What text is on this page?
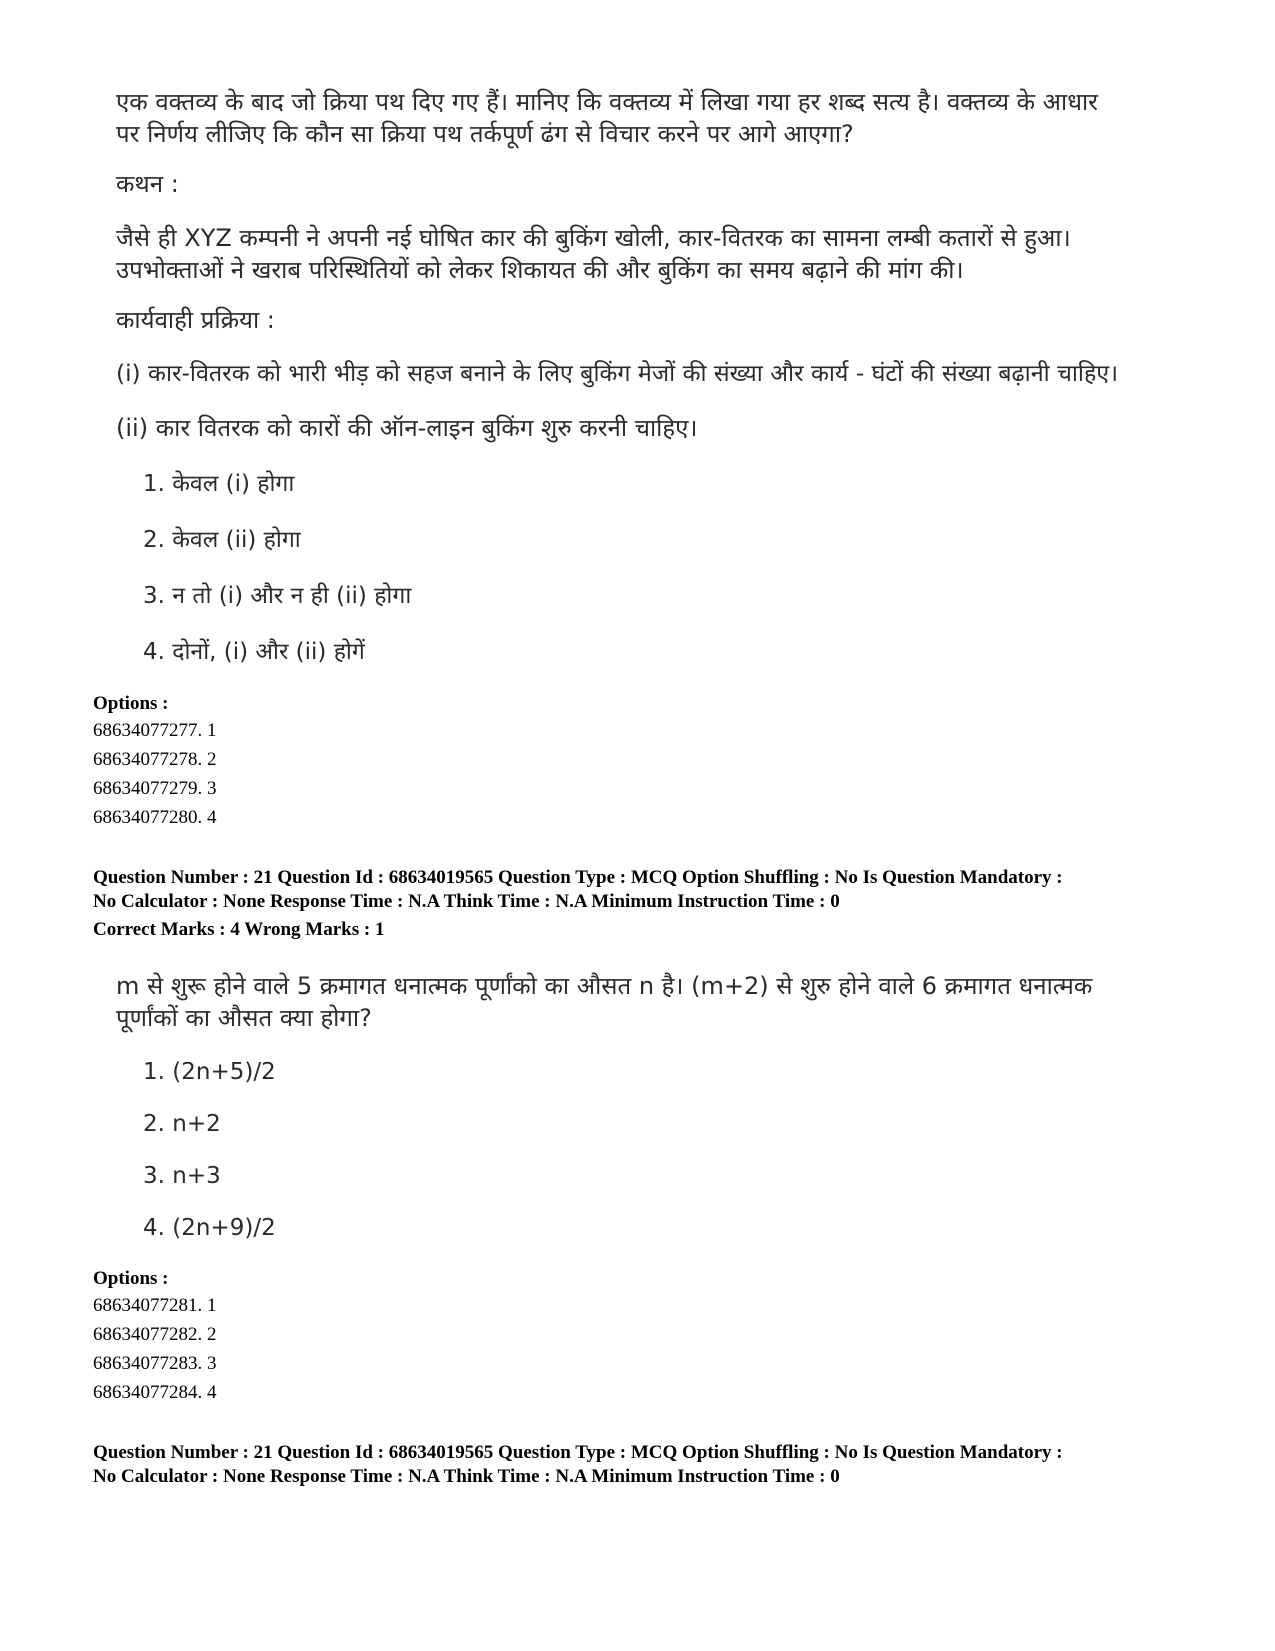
एक वक्तव्य के बाद जो क्रिया पथ दिए गए हैं। मानिए कि वक्तव्य में लिखा गया हर शब्द सत्य है। वक्तव्य के आधार पर निर्णय लीजिए कि कौन सा क्रिया पथ तर्कपूर्ण ढंग से विचार करने पर आगे आएगा?

कथन :

जैसे ही XYZ कम्पनी ने अपनी नई घोषित कार की बुकिंग खोली, कार-वितरक का सामना लम्बी कतारों से हुआ। उपभोक्ताओं ने खराब परिस्थितियों को लेकर शिकायत की और बुकिंग का समय बढ़ाने की मांग की।

कार्यवाही प्रक्रिया :

(i) कार-वितरक को भारी भीड़ को सहज बनाने के लिए बुकिंग मेजों की संख्या और कार्य - घंटों की संख्या बढ़ानी चाहिए।

(ii) कार वितरक को कारों की ऑन-लाइन बुकिंग शुरु करनी चाहिए।

1. केवल (i) होगा

2. केवल (ii) होगा

3. न तो (i) और न ही (ii) होगा

4. दोनों, (i) और (ii) होगें

Options :

68634077277. 1
68634077278. 2
68634077279. 3
68634077280. 4

Question Number : 21 Question Id : 68634019565 Question Type : MCQ Option Shuffling : No Is Question Mandatory :

No Calculator : None Response Time : N.A Think Time : N.A Minimum Instruction Time : 0

Correct Marks : 4 Wrong Marks : 1

m से शुरू होने वाले 5 क्रमागत धनात्मक पूर्णांको का औसत n है। (m+2) से शुरु होने वाले 6 क्रमागत धनात्मक पूर्णांकों का औसत क्या होगा?

1. (2n+5)/2

2. n+2

3. n+3

4. (2n+9)/2

Options :

68634077281. 1
68634077282. 2
68634077283. 3
68634077284. 4

Question Number : 21 Question Id : 68634019565 Question Type : MCQ Option Shuffling : No Is Question Mandatory :

No Calculator : None Response Time : N.A Think Time : N.A Minimum Instruction Time : 0
